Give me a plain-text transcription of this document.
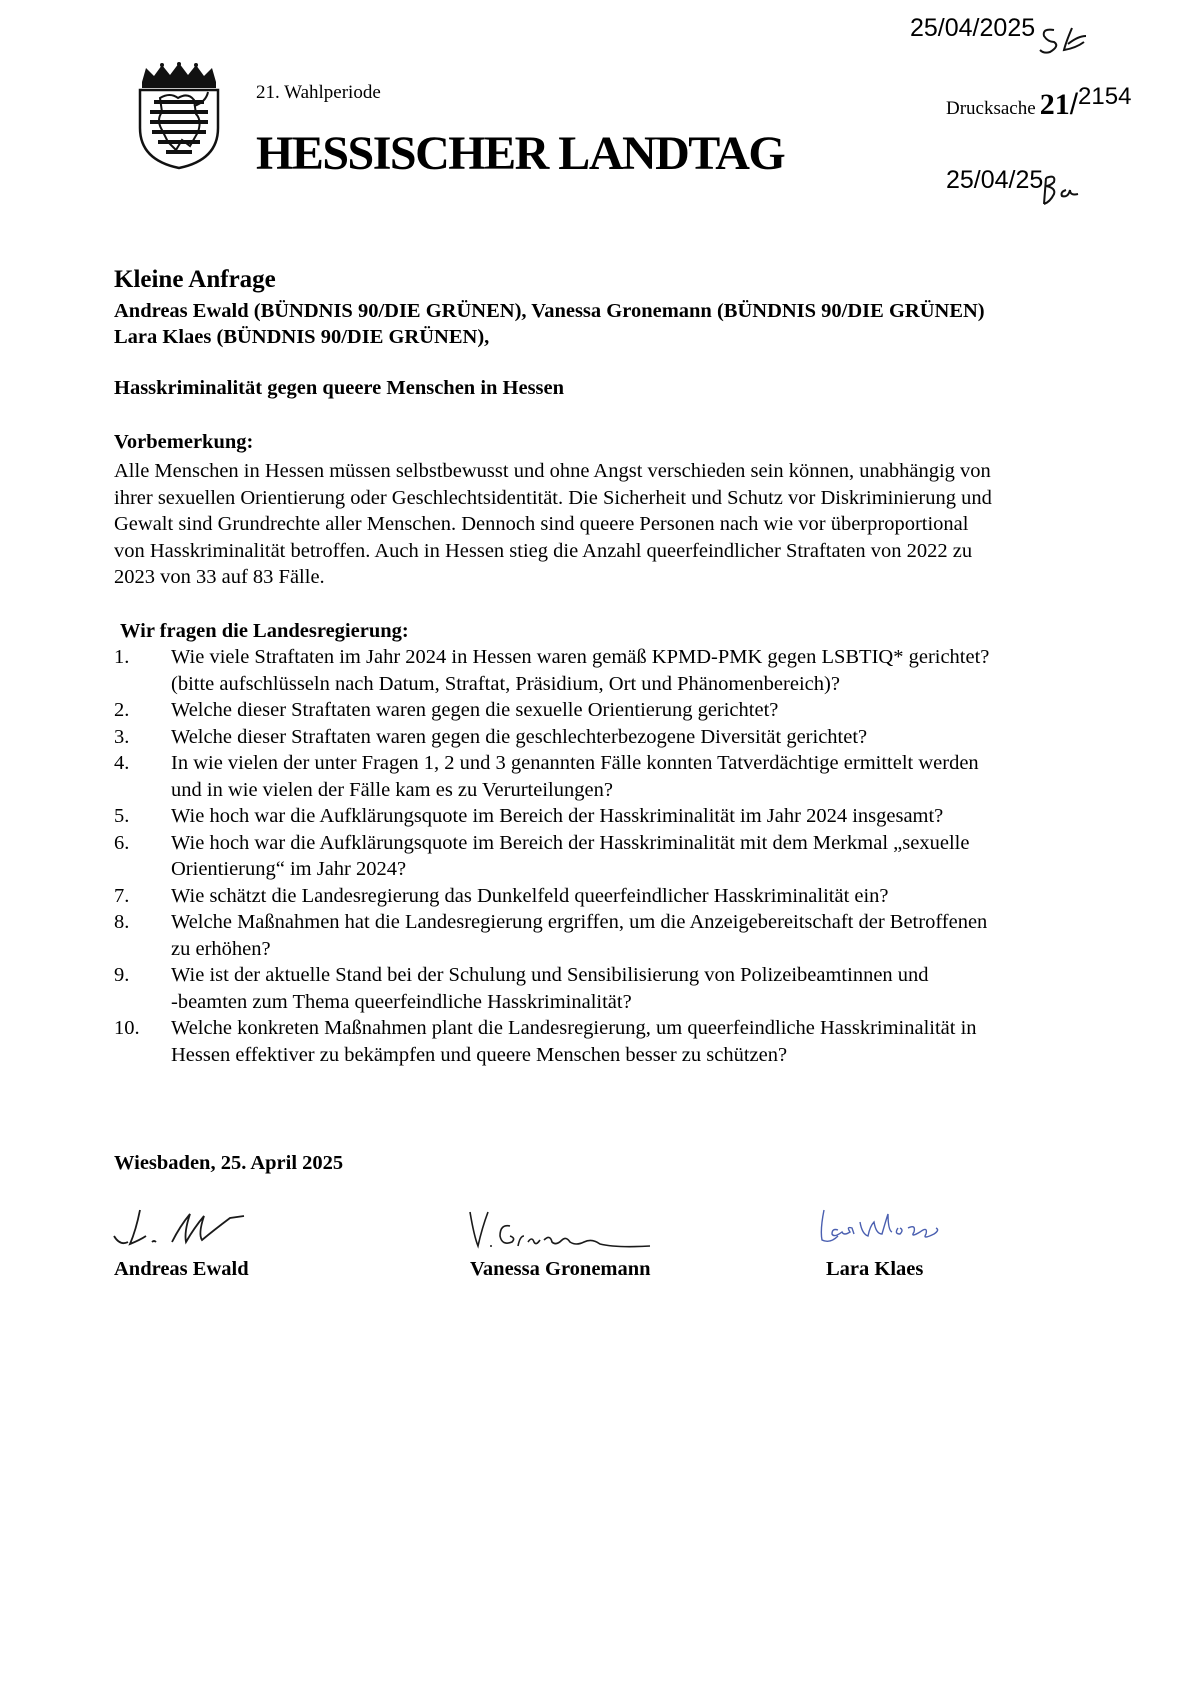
21. Wahlperiode
HESSISCHER LANDTAG
25/04/2025
Drucksache 21/2154
25/04/25
Kleine Anfrage
Andreas Ewald (BÜNDNIS 90/DIE GRÜNEN), Vanessa Gronemann (BÜNDNIS 90/DIE GRÜNEN)
Lara Klaes (BÜNDNIS 90/DIE GRÜNEN),
Hasskriminalität gegen queere Menschen in Hessen
Vorbemerkung:
Alle Menschen in Hessen müssen selbstbewusst und ohne Angst verschieden sein können, unabhängig von
ihrer sexuellen Orientierung oder Geschlechtsidentität. Die Sicherheit und Schutz vor Diskriminierung und
Gewalt sind Grundrechte aller Menschen. Dennoch sind queere Personen nach wie vor überproportional
von Hasskriminalität betroffen. Auch in Hessen stieg die Anzahl queerfeindlicher Straftaten von 2022 zu
2023 von 33 auf 83 Fälle.
Wir fragen die Landesregierung:
1. Wie viele Straftaten im Jahr 2024 in Hessen waren gemäß KPMD-PMK gegen LSBTIQ* gerichtet?
(bitte aufschlüsseln nach Datum, Straftat, Präsidium, Ort und Phänomenbereich)?
2. Welche dieser Straftaten waren gegen die sexuelle Orientierung gerichtet?
3. Welche dieser Straftaten waren gegen die geschlechterbezogene Diversität gerichtet?
4. In wie vielen der unter Fragen 1, 2 und 3 genannten Fälle konnten Tatverdächtige ermittelt werden
und in wie vielen der Fälle kam es zu Verurteilungen?
5. Wie hoch war die Aufklärungsquote im Bereich der Hasskriminalität im Jahr 2024 insgesamt?
6. Wie hoch war die Aufklärungsquote im Bereich der Hasskriminalität mit dem Merkmal „sexuelle
Orientierung“ im Jahr 2024?
7. Wie schätzt die Landesregierung das Dunkelfeld queerfeindlicher Hasskriminalität ein?
8. Welche Maßnahmen hat die Landesregierung ergriffen, um die Anzeigebereitschaft der Betroffenen
zu erhöhen?
9. Wie ist der aktuelle Stand bei der Schulung und Sensibilisierung von Polizeibeamtinnen und
-beamten zum Thema queerfeindliche Hasskriminalität?
10. Welche konkreten Maßnahmen plant die Landesregierung, um queerfeindliche Hasskriminalität in
Hessen effektiver zu bekämpfen und queere Menschen besser zu schützen?
Wiesbaden, 25. April 2025
Andreas Ewald	Vanessa Gronemann	Lara Klaes
